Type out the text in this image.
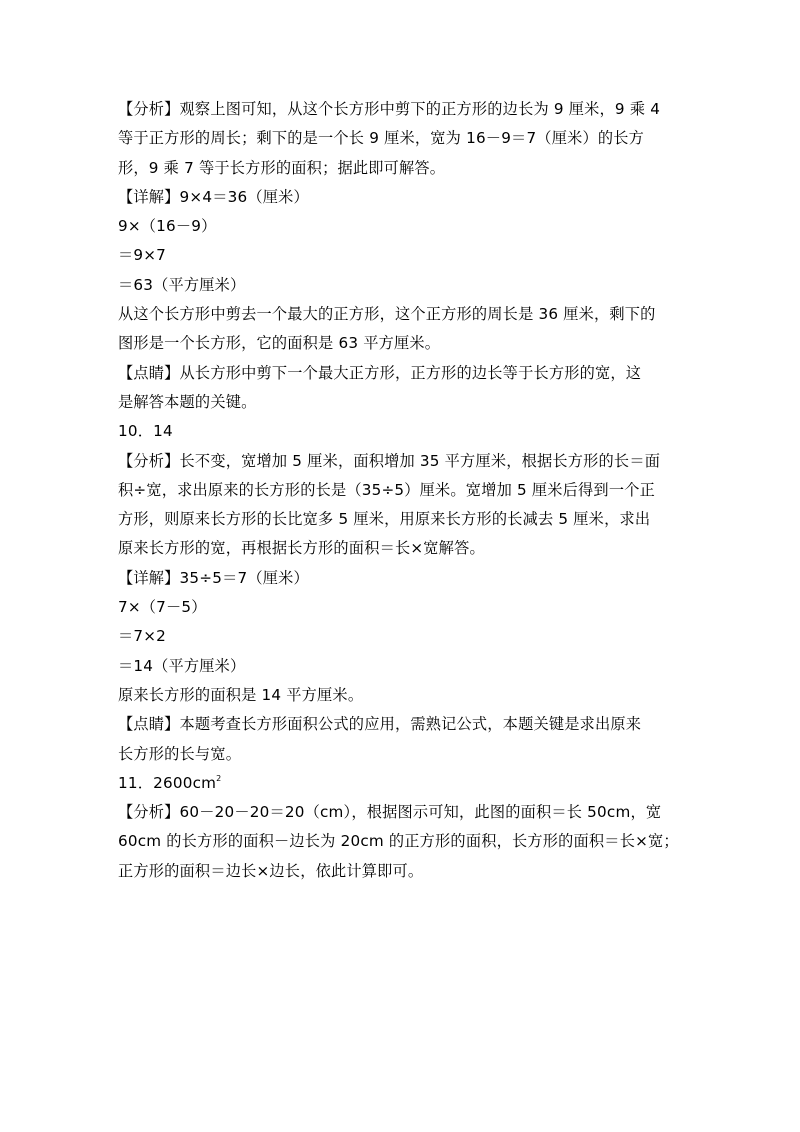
【分析】观察上图可知，从这个长方形中剪下的正方形的边长为 9 厘米，9 乘 4
等于正方形的周长；剩下的是一个长 9 厘米，宽为 16－9＝7（厘米）的长方
形，9 乘 7 等于长方形的面积；据此即可解答。
【详解】9×4＝36（厘米）
9×（16－9）
＝9×7
＝63（平方厘米）
从这个长方形中剪去一个最大的正方形，这个正方形的周长是 36 厘米，剩下的
图形是一个长方形，它的面积是 63 平方厘米。
【点睛】从长方形中剪下一个最大正方形，正方形的边长等于长方形的宽，这
是解答本题的关键。
10．14
【分析】长不变，宽增加 5 厘米，面积增加 35 平方厘米，根据长方形的长＝面
积÷宽，求出原来的长方形的长是（35÷5）厘米。宽增加 5 厘米后得到一个正
方形，则原来长方形的长比宽多 5 厘米，用原来长方形的长减去 5 厘米，求出
原来长方形的宽，再根据长方形的面积＝长×宽解答。
【详解】35÷5＝7（厘米）
7×（7－5）
＝7×2
＝14（平方厘米）
原来长方形的面积是 14 平方厘米。
【点睛】本题考查长方形面积公式的应用，需熟记公式，本题关键是求出原来
长方形的长与宽。
11．$2600cm^2$
【分析】60－20－20＝20（cm），根据图示可知，此图的面积＝长 50cm，宽
60cm 的长方形的面积－边长为 20cm 的正方形的面积，长方形的面积＝长×宽；
正方形的面积＝边长×边长，依此计算即可。
